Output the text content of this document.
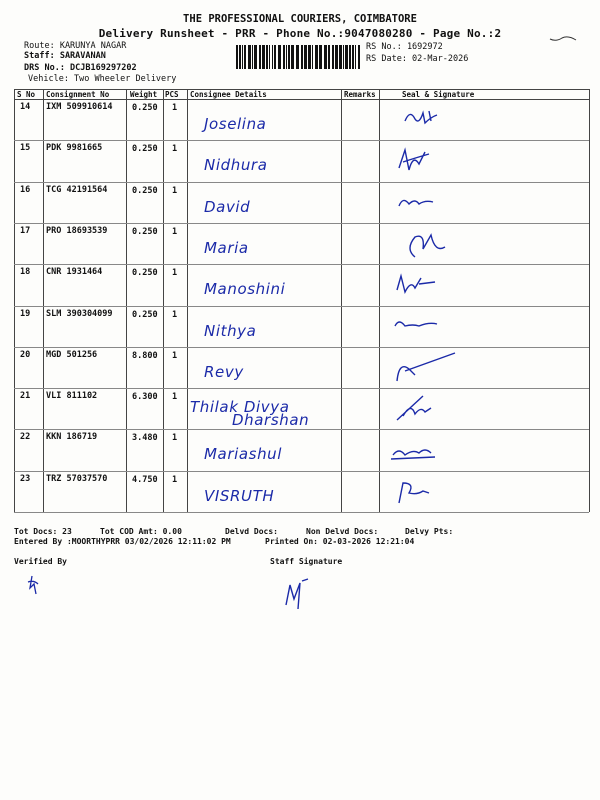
THE PROFESSIONAL COURIERS, COIMBATORE
Delivery Runsheet - PRR - Phone No.:9047080280 - Page No.:2
Route: KARUNYA NAGAR
Staff: SARAVANAN
DRS No.: DCJB169297202
Vehicle: Two Wheeler Delivery
RS No.: 1692972
RS Date: 02-Mar-2026
S No Consignment No	Weight PCS Consignee Details	Remarks	Seal & Signature
14 IXM 509910614 0.250 1
Joselina
15 PDK 9981665	0.250 1
Nidhura
16 TCG 42191564	0.250 1
David
17 PRO 18693539	0.250 1
Maria
18 CNR 1931464	0.250 1
Manoshini
19 SLM 390304099 0.250 1
Nithya
20 MGD 501256	8.800 1
Revy
21 VLI 811102	6.300 1
Thilak Divya
Dharshan
22 KKN 186719	3.480 1
Mariashul
23 TRZ 57037570	4.750 1
VISRUTH
Tot Docs: 23	Tot COD Amt: 0.00	Delvd Docs:	Non Delvd Docs:	Delvy Pts:
Entered By :MOORTHYPRR 03/02/2026 12:11:02 PM	Printed On: 02-03-2026 12:21:04
Verified By	Staff Signature
